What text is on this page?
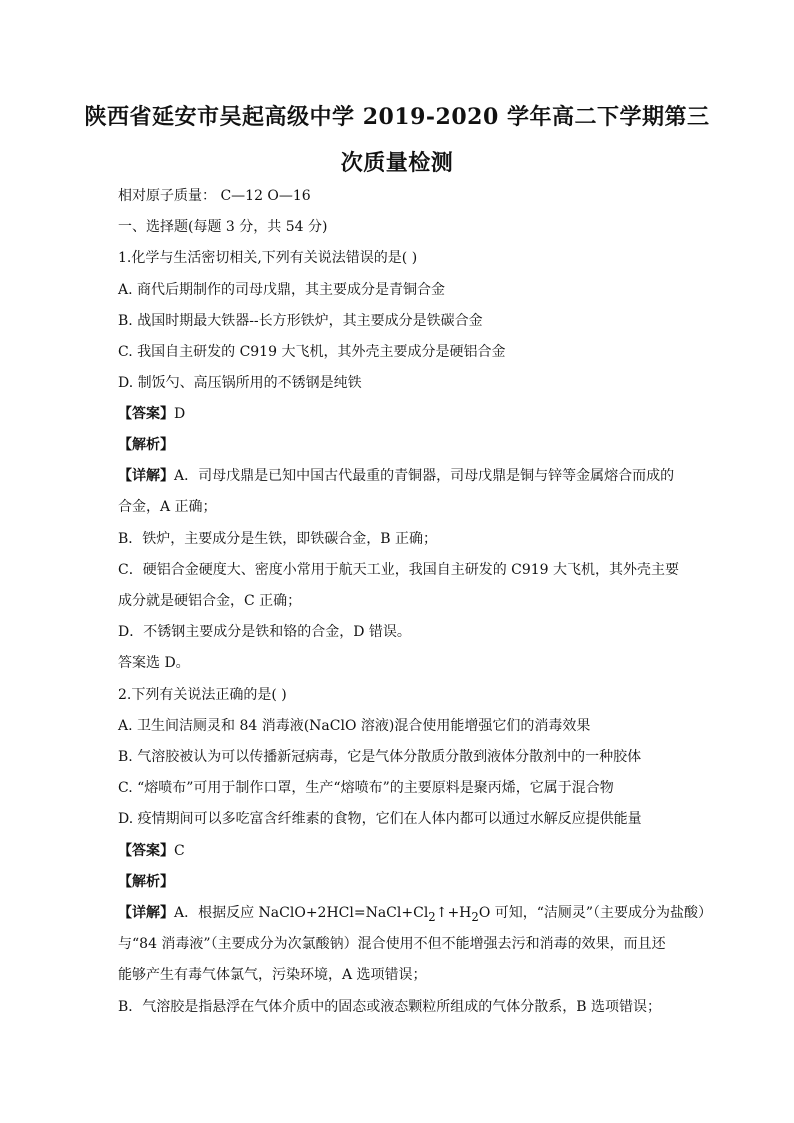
陕西省延安市吴起高级中学 2019-2020 学年高二下学期第三
次质量检测
相对原子质量： C—12 O—16
一、选择题(每题 3 分，共 54 分)
1.化学与生活密切相关,下列有关说法错误的是( )
A. 商代后期制作的司母戊鼎，其主要成分是青铜合金
B. 战国时期最大铁器--长方形铁炉，其主要成分是铁碳合金
C. 我国自主研发的 C919 大飞机，其外壳主要成分是硬铝合金
D. 制饭勺、高压锅所用的不锈钢是纯铁
【答案】D
【解析】
【详解】A．司母戊鼎是已知中国古代最重的青铜器，司母戊鼎是铜与锌等金属熔合而成的
合金，A 正确；
B．铁炉，主要成分是生铁，即铁碳合金，B 正确；
C．硬铝合金硬度大、密度小常用于航天工业，我国自主研发的 C919 大飞机，其外壳主要
成分就是硬铝合金，C 正确；
D．不锈钢主要成分是铁和铬的合金，D 错误。
答案选 D。
2.下列有关说法正确的是( )
A. 卫生间洁厕灵和 84 消毒液(NaClO 溶液)混合使用能增强它们的消毒效果
B. 气溶胶被认为可以传播新冠病毒，它是气体分散质分散到液体分散剂中的一种胶体
C. “熔喷布”可用于制作口罩，生产“熔喷布”的主要原料是聚丙烯，它属于混合物
D. 疫情期间可以多吃富含纤维素的食物，它们在人体内都可以通过水解反应提供能量
【答案】C
【解析】
【详解】A．根据反应 $NaClO+2HCl=NaCl+Cl_2↑+H_2O$ 可知，“洁厕灵”（主要成分为盐酸）
与“84 消毒液”（主要成分为次氯酸钠）混合使用不但不能增强去污和消毒的效果，而且还
能够产生有毒气体氯气，污染环境，A 选项错误；
B．气溶胶是指悬浮在气体介质中的固态或液态颗粒所组成的气体分散系，B 选项错误；
